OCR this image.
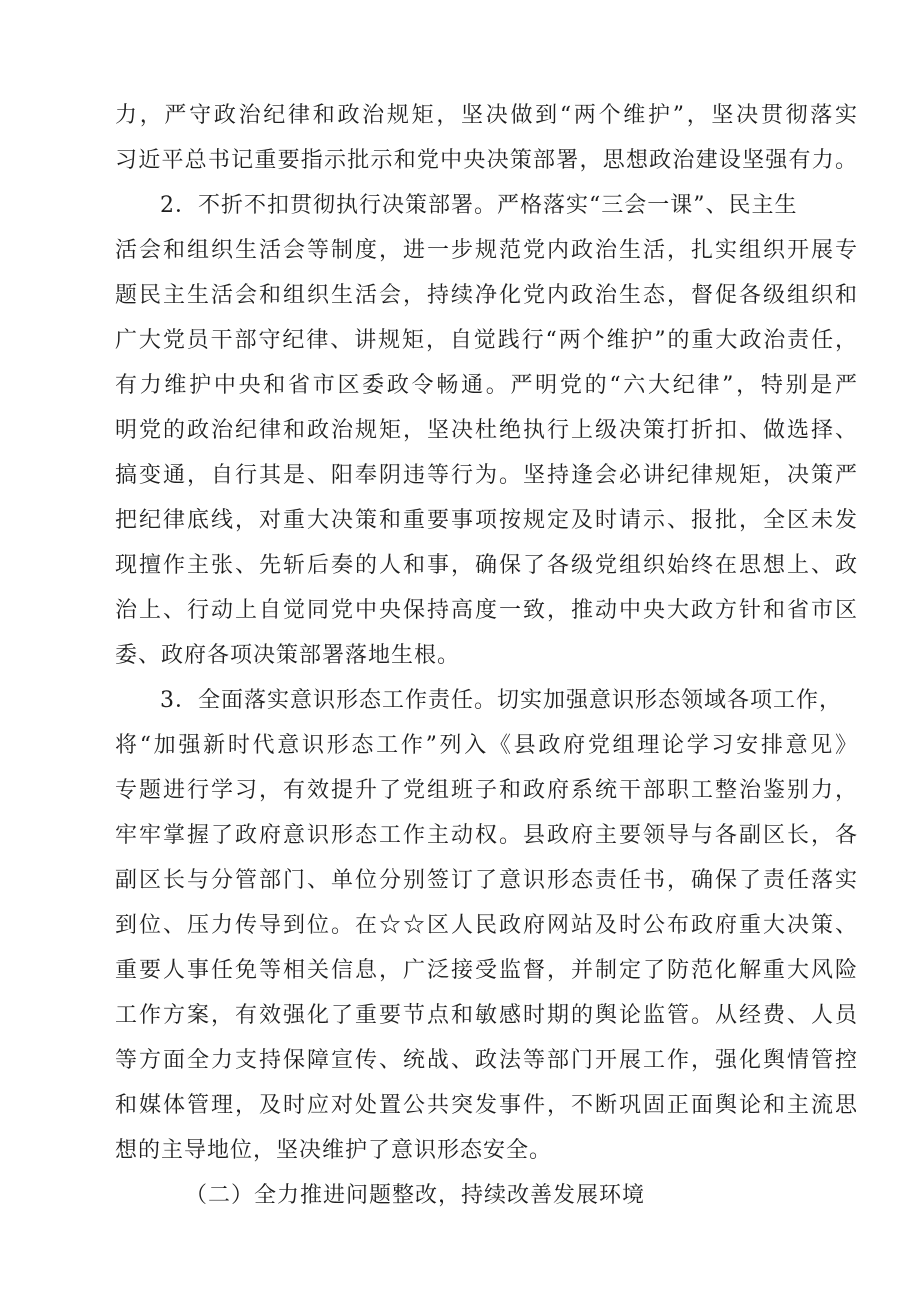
力，严守政治纪律和政治规矩，坚决做到“两个维护”，坚决贯彻落实
习近平总书记重要指示批示和党中央决策部署，思想政治建设坚强有力。
2．不折不扣贯彻执行决策部署。严格落实“三会一课”、民主生
活会和组织生活会等制度，进一步规范党内政治生活，扎实组织开展专
题民主生活会和组织生活会，持续净化党内政治生态，督促各级组织和
广大党员干部守纪律、讲规矩，自觉践行“两个维护”的重大政治责任，
有力维护中央和省市区委政令畅通。严明党的“六大纪律”，特别是严
明党的政治纪律和政治规矩，坚决杜绝执行上级决策打折扣、做选择、
搞变通，自行其是、阳奉阴违等行为。坚持逢会必讲纪律规矩，决策严
把纪律底线，对重大决策和重要事项按规定及时请示、报批，全区未发
现擅作主张、先斩后奏的人和事，确保了各级党组织始终在思想上、政
治上、行动上自觉同党中央保持高度一致，推动中央大政方针和省市区
委、政府各项决策部署落地生根。
3．全面落实意识形态工作责任。切实加强意识形态领域各项工作，
将“加强新时代意识形态工作”列入《县政府党组理论学习安排意见》
专题进行学习，有效提升了党组班子和政府系统干部职工整治鉴别力，
牢牢掌握了政府意识形态工作主动权。县政府主要领导与各副区长，各
副区长与分管部门、单位分别签订了意识形态责任书，确保了责任落实
到位、压力传导到位。在☆☆区人民政府网站及时公布政府重大决策、
重要人事任免等相关信息，广泛接受监督，并制定了防范化解重大风险
工作方案，有效强化了重要节点和敏感时期的舆论监管。从经费、人员
等方面全力支持保障宣传、统战、政法等部门开展工作，强化舆情管控
和媒体管理，及时应对处置公共突发事件，不断巩固正面舆论和主流思
想的主导地位，坚决维护了意识形态安全。
（二）全力推进问题整改，持续改善发展环境
